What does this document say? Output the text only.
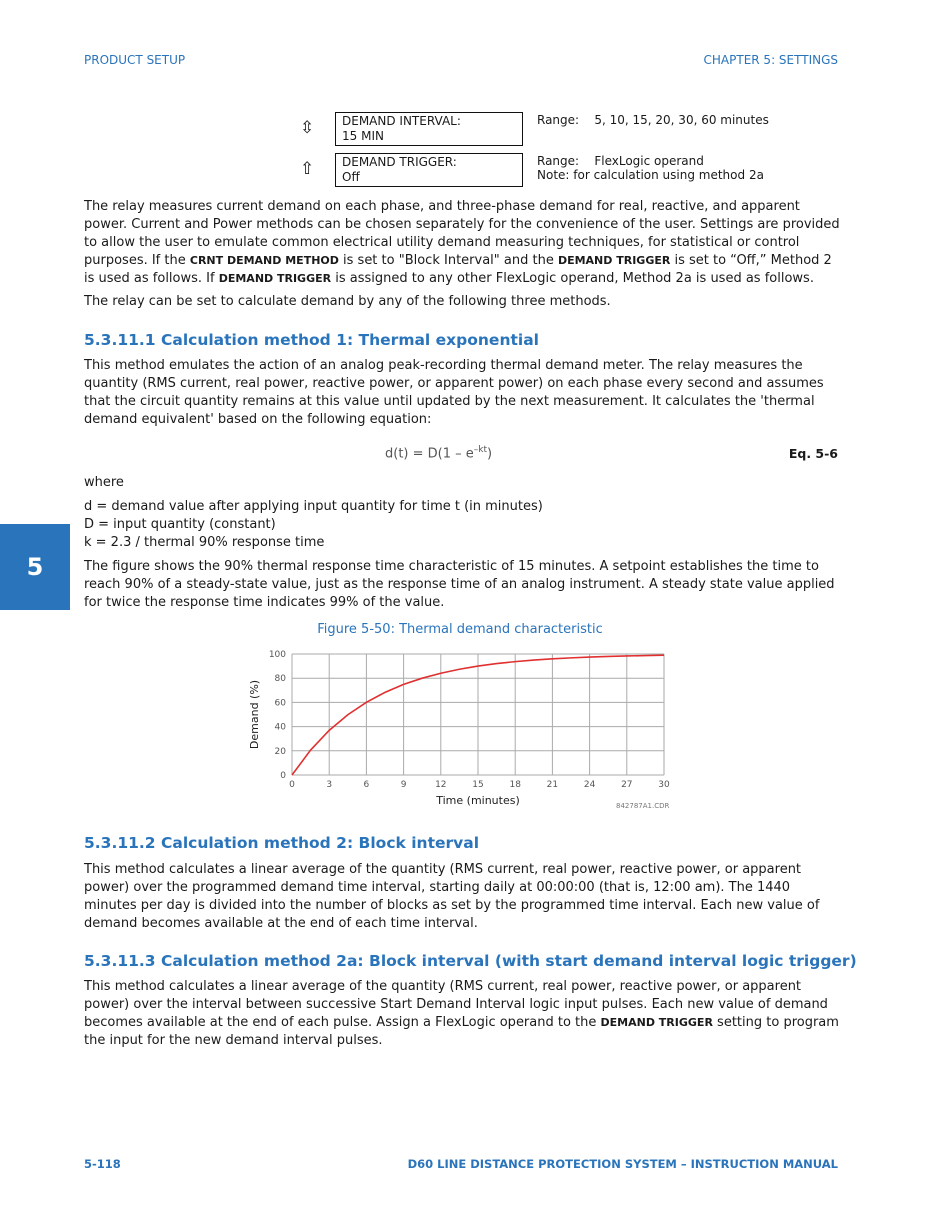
PRODUCT SETUP	CHAPTER 5: SETTINGS
⇳ DEMAND INTERVAL:
15 MIN
Range: 5, 10, 15, 20, 30, 60 minutes
⇧ DEMAND TRIGGER:
Off
Range: FlexLogic operand
Note: for calculation using method 2a
The relay measures current demand on each phase, and three-phase demand for real, reactive, and apparent power. Current and Power methods can be chosen separately for the convenience of the user. Settings are provided to allow the user to emulate common electrical utility demand measuring techniques, for statistical or control purposes. If the CRNT DEMAND METHOD is set to "Block Interval" and the DEMAND TRIGGER is set to “Off,” Method 2 is used as follows. If DEMAND TRIGGER is assigned to any other FlexLogic operand, Method 2a is used as follows.
The relay can be set to calculate demand by any of the following three methods.
5.3.11.1 Calculation method 1: Thermal exponential
This method emulates the action of an analog peak-recording thermal demand meter. The relay measures the quantity (RMS current, real power, reactive power, or apparent power) on each phase every second and assumes that the circuit quantity remains at this value until updated by the next measurement. It calculates the 'thermal demand equivalent' based on the following equation:
$d(t) = D(1 - e^{-kt})$	Eq. 5-6
where
d = demand value after applying input quantity for time t (in minutes)
D = input quantity (constant)
k = 2.3 / thermal 90% response time
The figure shows the 90% thermal response time characteristic of 15 minutes. A setpoint establishes the time to reach 90% of a steady-state value, just as the response time of an analog instrument. A steady state value applied for twice the response time indicates 99% of the value.
5
Figure 5-50: Thermal demand characteristic
0	3	6	9	12	15	18	21	24	27	30
0
20
40
60
80
100
Time (minutes)
Demand (%)
842787A1.CDR
5.3.11.2 Calculation method 2: Block interval
This method calculates a linear average of the quantity (RMS current, real power, reactive power, or apparent power) over the programmed demand time interval, starting daily at 00:00:00 (that is, 12:00 am). The 1440 minutes per day is divided into the number of blocks as set by the programmed time interval. Each new value of demand becomes available at the end of each time interval.
5.3.11.3 Calculation method 2a: Block interval (with start demand interval logic trigger)
This method calculates a linear average of the quantity (RMS current, real power, reactive power, or apparent power) over the interval between successive Start Demand Interval logic input pulses. Each new value of demand becomes available at the end of each pulse. Assign a FlexLogic operand to the DEMAND TRIGGER setting to program the input for the new demand interval pulses.
5-118	D60 LINE DISTANCE PROTECTION SYSTEM – INSTRUCTION MANUAL
